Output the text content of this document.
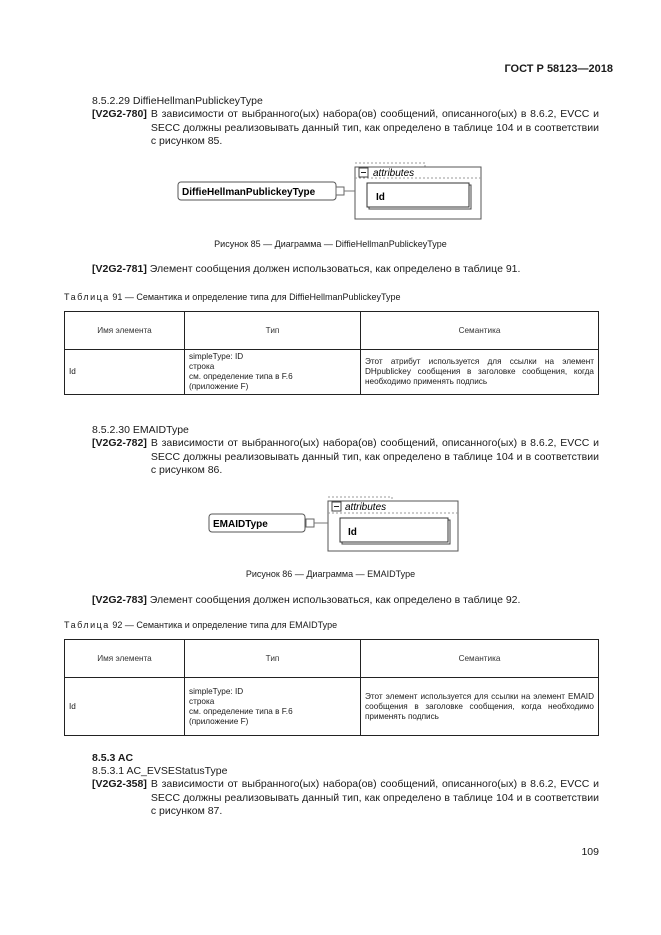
ГОСТ Р 58123—2018
8.5.2.29 DiffieHellmanPublickeyType
[V2G2-780] В зависимости от выбранного(ых) набора(ов) сообщений, описанного(ых) в 8.6.2, EVCC и SECC должны реализовывать данный тип, как определено в таблице 104 и в соответствии с рисунком 85.
attributes
Id
DiffieHellmanPublickeyType
Рисунок 85 — Диаграмма — DiffieHellmanPublickeyType
[V2G2-781] Элемент сообщения должен использоваться, как определено в таблице 91.
Таблица 91 — Семантика и определение типа для DiffieHellmanPublickeyType
Имя элемента	Тип	Семантика
Id	simpleType: ID
строка
см. определение типа в F.6
(приложение F)	Этот атрибут используется для ссылки на элемент DHpublickey сообщения в заголовке сообщения, когда необходимо применять подпись
8.5.2.30 EMAIDType
[V2G2-782] В зависимости от выбранного(ых) набора(ов) сообщений, описанного(ых) в 8.6.2, EVCC и SECC должны реализовывать данный тип, как определено в таблице 104 и в соответствии с рисунком 86.
attributes
Id
EMAIDType
Рисунок 86 — Диаграмма — EMAIDType
[V2G2-783] Элемент сообщения должен использоваться, как определено в таблице 92.
Таблица 92 — Семантика и определение типа для EMAIDType
Имя элемента	Тип	Семантика
Id	simpleType: ID
строка
см. определение типа в F.6
(приложение F)	Этот элемент используется для ссылки на элемент EMAID сообщения в заголовке сообщения, когда необходимо применять подпись
8.5.3 AC
8.5.3.1 AC_EVSEStatusType
[V2G2-358] В зависимости от выбранного(ых) набора(ов) сообщений, описанного(ых) в 8.6.2, EVCC и SECC должны реализовывать данный тип, как определено в таблице 104 и в соответствии с рисунком 87.
109
